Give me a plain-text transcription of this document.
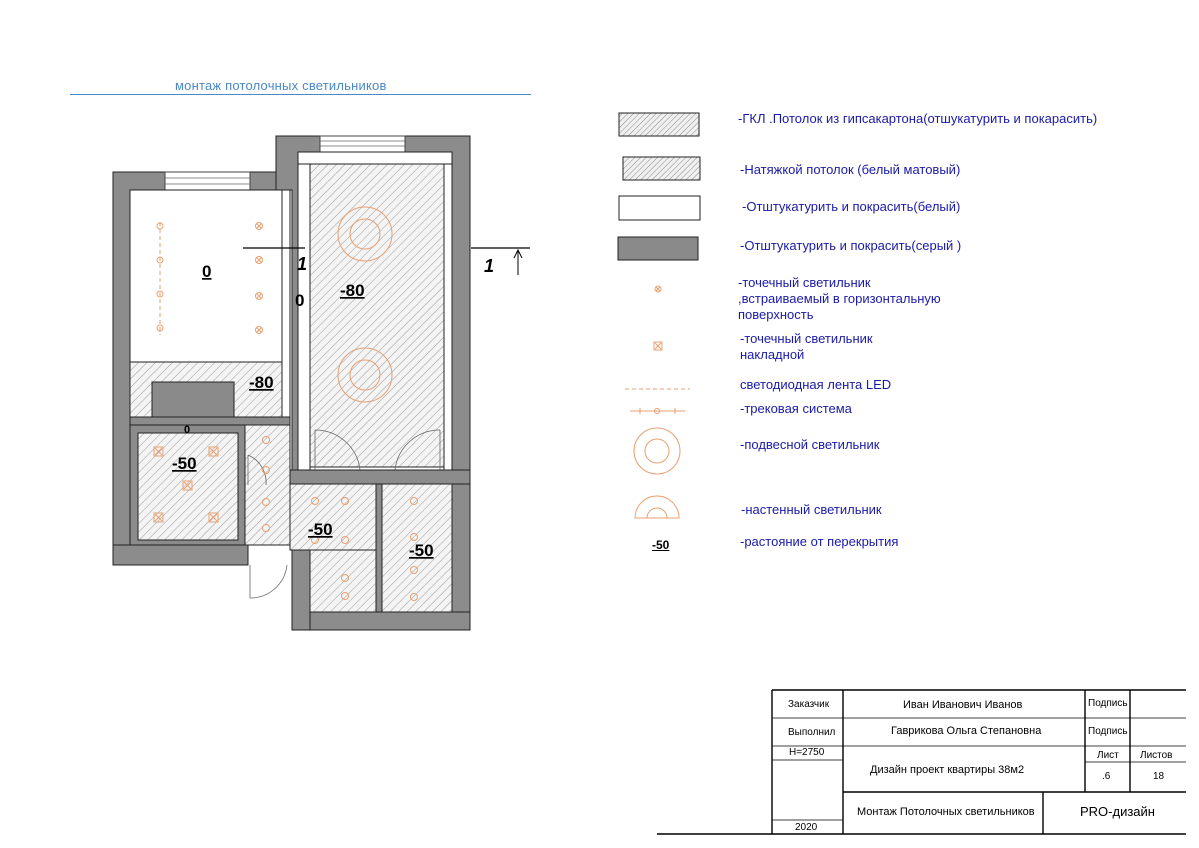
монтаж потолочных светильников
0	1
0
-80
1
-80
0
-50
-50
-50
-ГКЛ .Потолок из гипсакартона(отшукатурить и покарасить)
-Натяжкой потолок (белый матовый)
-Отштукатурить и покрасить(белый)
-Отштукатурить и покрасить(серый )
-точечный светильник
,встраиваемый в горизонтальную
поверхность
-точечный светильник
накладной
светодиодная лента LED
-трековая система
-подвесной светильник
-настенный светильник
-50	-растояние от перекрытия
Заказчик	Иван Иванович Иванов	Подпись
Выполнил	Гаврикова Ольга Степановна	Подпись
Н=2750	Лист Листов
Дизайн проект квартиры 38м2
.6	18
Монтаж Потолочных светильников	PRO-дизайн
2020
